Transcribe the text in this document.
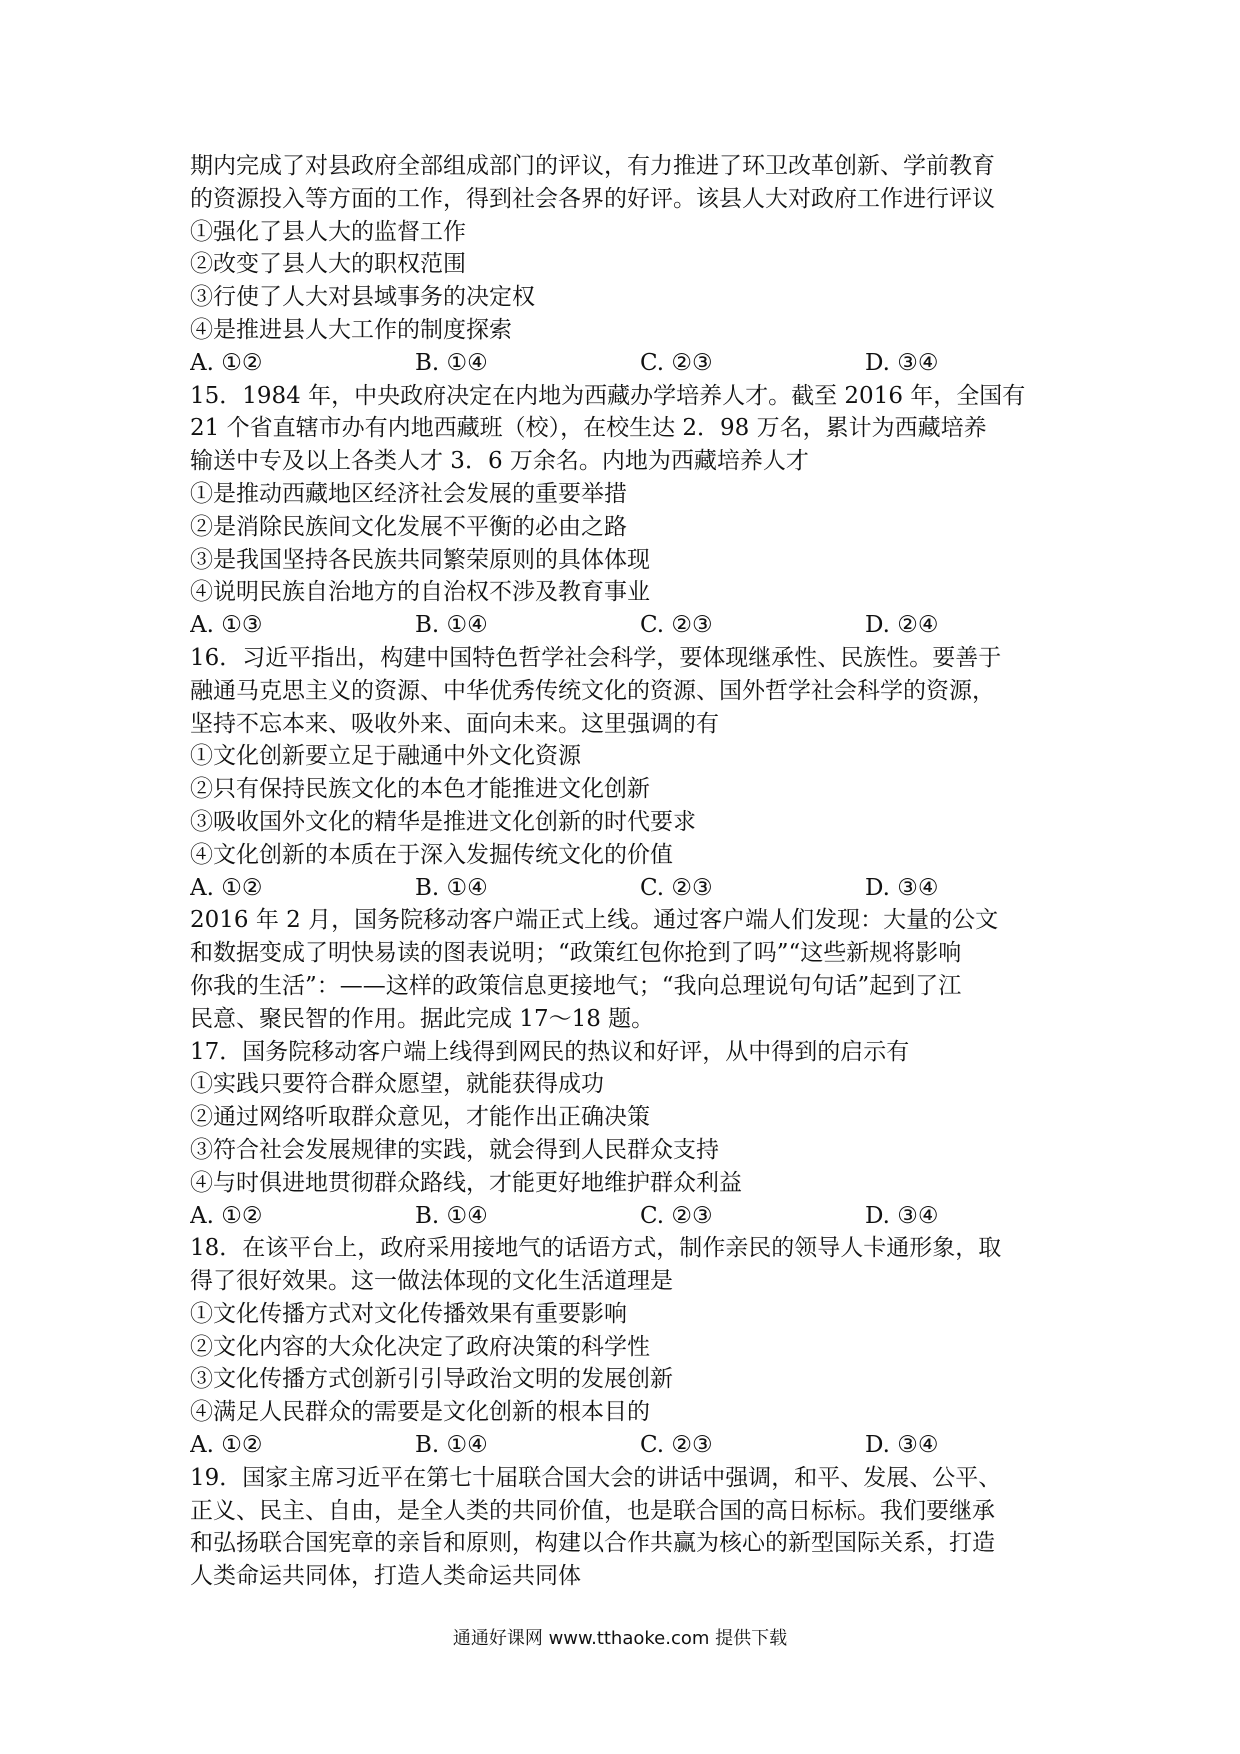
期内完成了对县政府全部组成部门的评议，有力推进了环卫改革创新、学前教育
的资源投入等方面的工作，得到社会各界的好评。该县人大对政府工作进行评议
①强化了县人大的监督工作
②改变了县人大的职权范围
③行使了人大对县域事务的决定权
④是推进县人大工作的制度探索
A. ①②	B. ①④	C. ②③	D. ③④
15．1984 年，中央政府决定在内地为西藏办学培养人才。截至 2016 年，全国有
21 个省直辖市办有内地西藏班（校），在校生达 2．98 万名，累计为西藏培养
输送中专及以上各类人才 3．6 万余名。内地为西藏培养人才
①是推动西藏地区经济社会发展的重要举措
②是消除民族间文化发展不平衡的必由之路
③是我国坚持各民族共同繁荣原则的具体体现
④说明民族自治地方的自治权不涉及教育事业
A. ①③	B. ①④	C. ②③	D. ②④
16．习近平指出，构建中国特色哲学社会科学，要体现继承性、民族性。要善于
融通马克思主义的资源、中华优秀传统文化的资源、国外哲学社会科学的资源，
坚持不忘本来、吸收外来、面向未来。这里强调的有
①文化创新要立足于融通中外文化资源
②只有保持民族文化的本色才能推进文化创新
③吸收国外文化的精华是推进文化创新的时代要求
④文化创新的本质在于深入发掘传统文化的价值
A. ①②	B. ①④	C. ②③	D. ③④
2016 年 2 月，国务院移动客户端正式上线。通过客户端人们发现：大量的公文
和数据变成了明快易读的图表说明；“政策红包你抢到了吗”“这些新规将影响
你我的生活”：——这样的政策信息更接地气；“我向总理说句句话”起到了江
民意、聚民智的作用。据此完成 17～18 题。
17．国务院移动客户端上线得到网民的热议和好评，从中得到的启示有
①实践只要符合群众愿望，就能获得成功
②通过网络听取群众意见，才能作出正确决策
③符合社会发展规律的实践，就会得到人民群众支持
④与时俱进地贯彻群众路线，才能更好地维护群众利益
A. ①②	B. ①④	C. ②③	D. ③④
18．在该平台上，政府采用接地气的话语方式，制作亲民的领导人卡通形象，取
得了很好效果。这一做法体现的文化生活道理是
①文化传播方式对文化传播效果有重要影响
②文化内容的大众化决定了政府决策的科学性
③文化传播方式创新引引导政治文明的发展创新
④满足人民群众的需要是文化创新的根本目的
A. ①②	B. ①④	C. ②③	D. ③④
19．国家主席习近平在第七十届联合国大会的讲话中强调，和平、发展、公平、
正义、民主、自由，是全人类的共同价值，也是联合国的高日标标。我们要继承
和弘扬联合国宪章的亲旨和原则，构建以合作共赢为核心的新型国际关系，打造
人类命运共同体，打造人类命运共同体
通通好课网 www.tthaoke.com 提供下载
